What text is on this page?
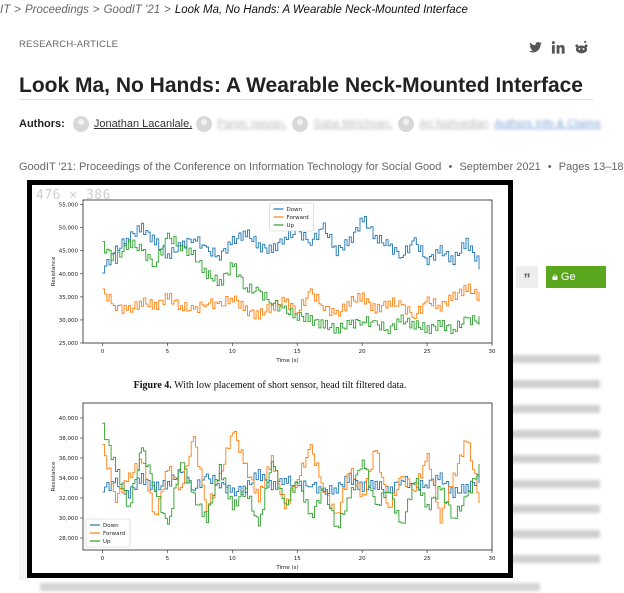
IT > Proceedings > GoodIT '21 > Look Ma, No Hands: A Wearable Neck-Mounted Interface
RESEARCH-ARTICLE
Look Ma, No Hands: A Wearable Neck-Mounted Interface
Authors:	Jonathan Lacanlale, Parvic Isevan, Saba Mirichvan, Ari Nahvedian Authors Info & Claims
GoodIT '21: Proceedings of the Conference on Information Technology for Social Good • September 2021 • Pages 13–18
”	🔒︎ Ge
476 × 386
0	5	10	15	20	25	30
25,000
30,000
35,000
40,000
45,000
50,000
55,000
Time (s)
Resistance
Down
Forward
Up
Figure 4. With low placement of short sensor, head tilt filtered data.
0	5	10	15	20	25	30
28,000
30,000
32,000
34,000
36,000
38,000
40,000
Time (s)
Resistance
Down
Forward
Up
